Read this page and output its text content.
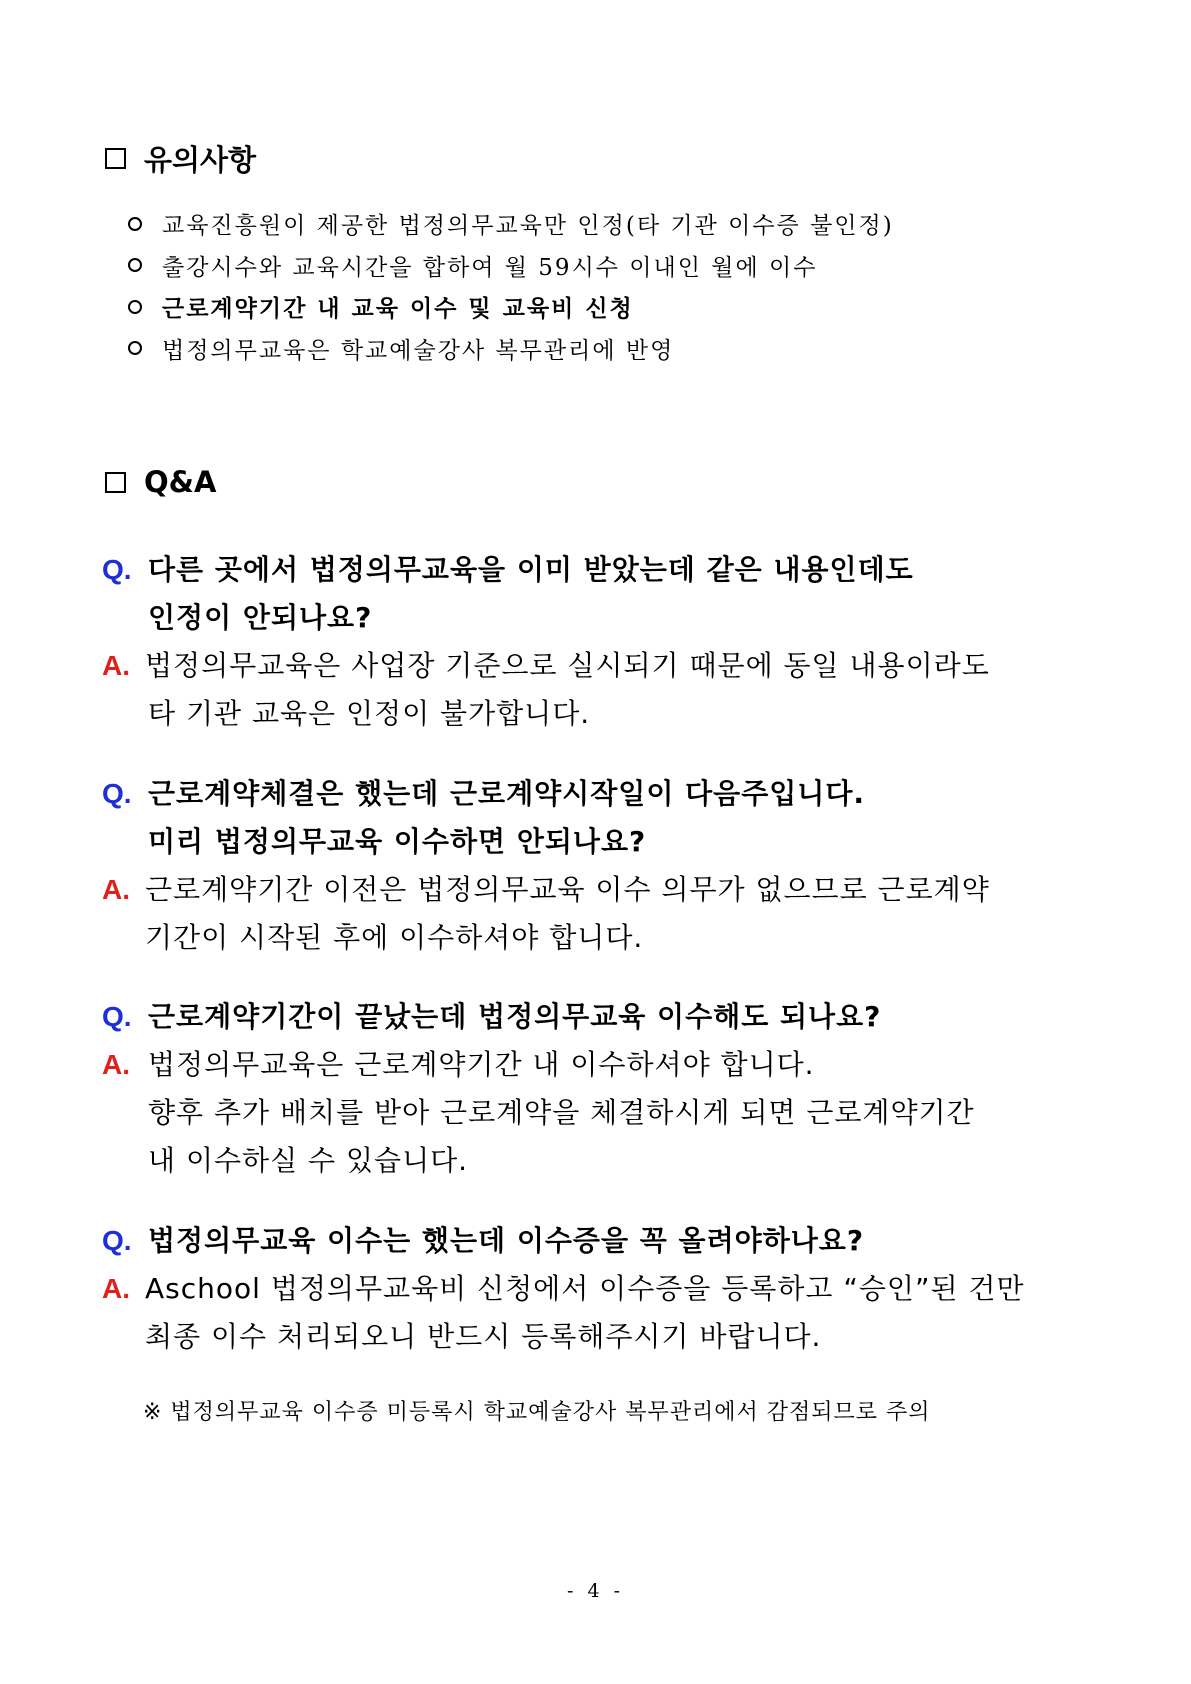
유의사항
교육진흥원이 제공한 법정의무교육만 인정(타 기관 이수증 불인정)
출강시수와 교육시간을 합하여 월 59시수 이내인 월에 이수
근로계약기간 내 교육 이수 및 교육비 신청
법정의무교육은 학교예술강사 복무관리에 반영
Q&A
Q. 다른 곳에서 법정의무교육을 이미 받았는데 같은 내용인데도
인정이 안되나요?
A. 법정의무교육은 사업장 기준으로 실시되기 때문에 동일 내용이라도
타 기관 교육은 인정이 불가합니다.
Q. 근로계약체결은 했는데 근로계약시작일이 다음주입니다.
미리 법정의무교육 이수하면 안되나요?
A. 근로계약기간 이전은 법정의무교육 이수 의무가 없으므로 근로계약
기간이 시작된 후에 이수하셔야 합니다.
Q. 근로계약기간이 끝났는데 법정의무교육 이수해도 되나요?
A. 법정의무교육은 근로계약기간 내 이수하셔야 합니다.
향후 추가 배치를 받아 근로계약을 체결하시게 되면 근로계약기간
내 이수하실 수 있습니다.
Q. 법정의무교육 이수는 했는데 이수증을 꼭 올려야하나요?
A. Aschool 법정의무교육비 신청에서 이수증을 등록하고 “승인”된 건만
최종 이수 처리되오니 반드시 등록해주시기 바랍니다.
※ 법정의무교육 이수증 미등록시 학교예술강사 복무관리에서 감점되므로 주의
- 4 -
